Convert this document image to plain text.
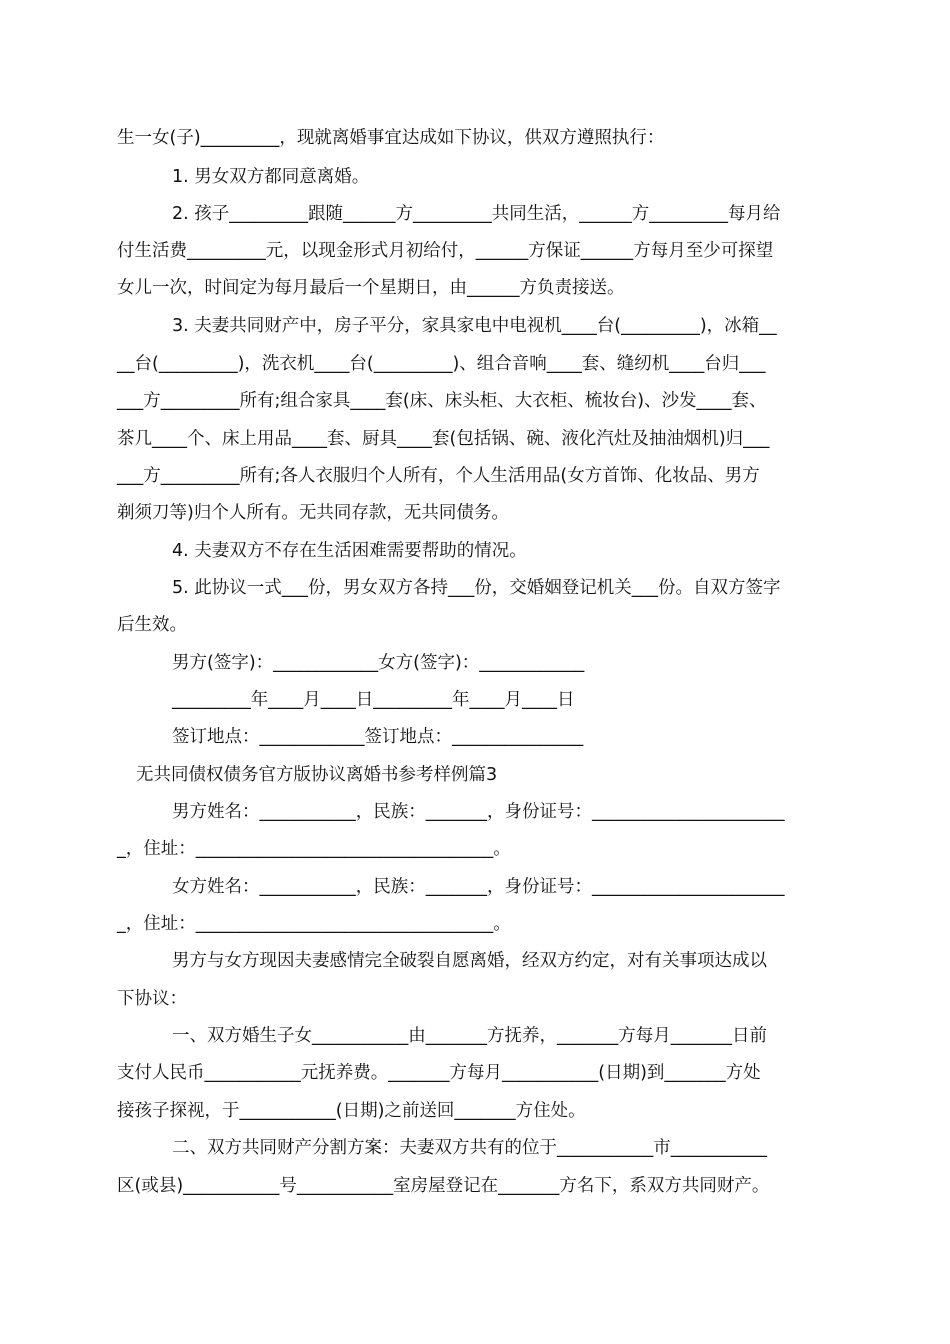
生一女(子)_________，现就离婚事宜达成如下协议，供双方遵照执行：
1. 男女双方都同意离婚。
2. 孩子_________跟随______方_________共同生活，______方_________每月给
付生活费_________元，以现金形式月初给付，______方保证______方每月至少可探望
女儿一次，时间定为每月最后一个星期日，由______方负责接送。
3. 夫妻共同财产中，房子平分，家具家电中电视机____台(_________)，冰箱__
__台(_________)，洗衣机____台(_________)、组合音响____套、缝纫机____台归___
___方_________所有;组合家具____套(床、床头柜、大衣柜、梳妆台)、沙发____套、
茶几____个、床上用品____套、厨具____套(包括锅、碗、液化汽灶及抽油烟机)归___
___方_________所有;各人衣服归个人所有，个人生活用品(女方首饰、化妆品、男方
剃须刀等)归个人所有。无共同存款，无共同债务。
4. 夫妻双方不存在生活困难需要帮助的情况。
5. 此协议一式___份，男女双方各持___份，交婚姻登记机关___份。自双方签字
后生效。
男方(签字)：____________女方(签字)：____________
_________年____月____日_________年____月____日
签订地点：____________签订地点：_______________
无共同债权债务官方版协议离婚书参考样例篇3
男方姓名：___________，民族：_______，身份证号：______________________
_，住址：__________________________________。
女方姓名：___________，民族：_______，身份证号：______________________
_，住址：__________________________________。
男方与女方现因夫妻感情完全破裂自愿离婚，经双方约定，对有关事项达成以
下协议：
一、双方婚生子女___________由_______方抚养，_______方每月_______日前
支付人民币___________元抚养费。_______方每月___________(日期)到_______方处
接孩子探视，于___________(日期)之前送回_______方住处。
二、双方共同财产分割方案：夫妻双方共有的位于___________市___________
区(或县)___________号___________室房屋登记在_______方名下，系双方共同财产。
